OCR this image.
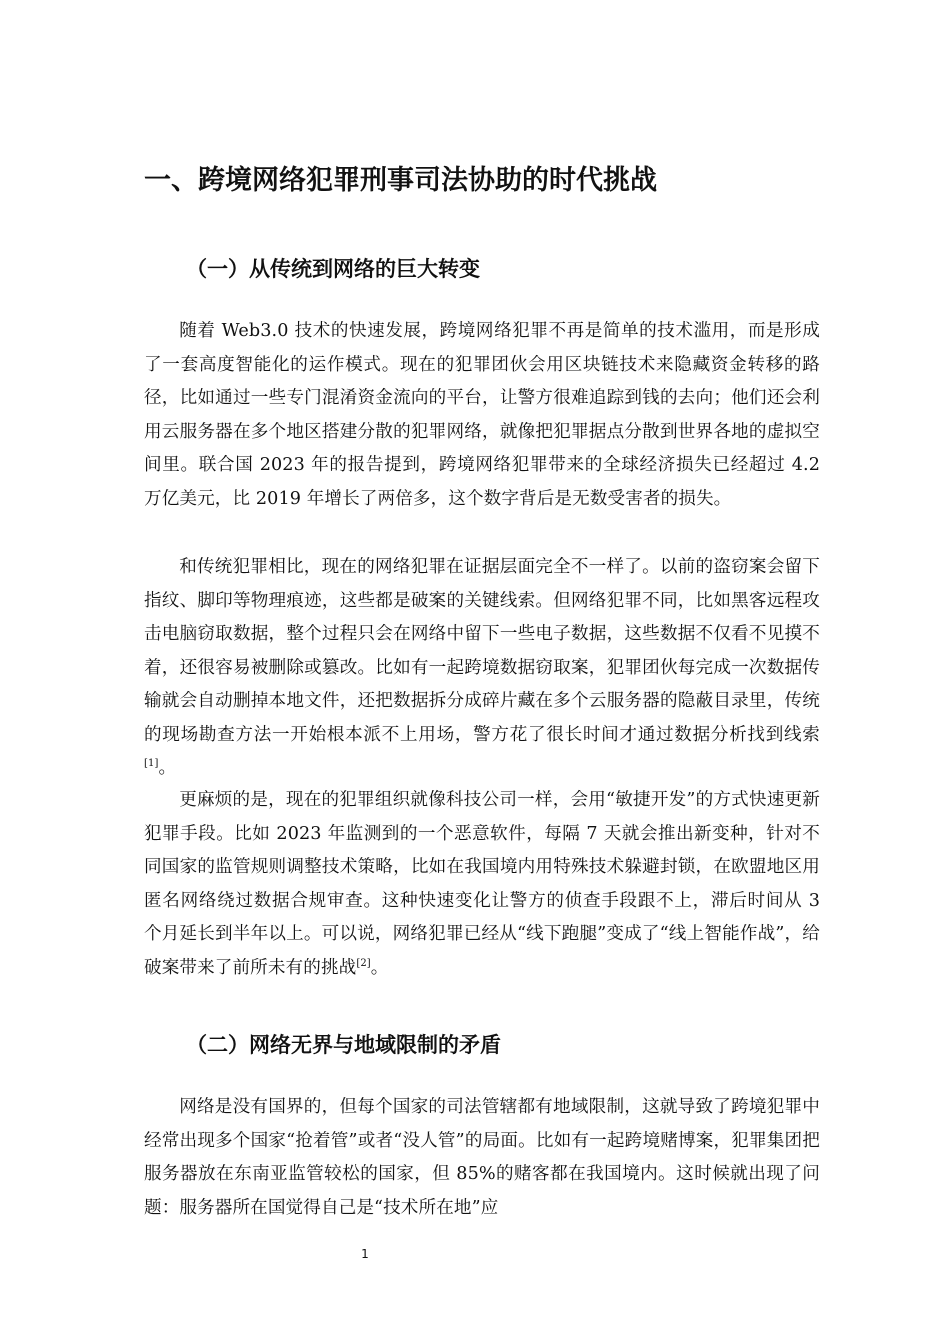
一、跨境网络犯罪刑事司法协助的时代挑战
（一）从传统到网络的巨大转变

随着 Web3.0 技术的快速发展，跨境网络犯罪不再是简单的技术滥用，而是形成了一套高度智能化的运作模式。现在的犯罪团伙会用区块链技术来隐藏资金转移的路径，比如通过一些专门混淆资金流向的平台，让警方很难追踪到钱的去向；他们还会利用云服务器在多个地区搭建分散的犯罪网络，就像把犯罪据点分散到世界各地的虚拟空间里。联合国 2023 年的报告提到，跨境网络犯罪带来的全球经济损失已经超过 4.2 万亿美元，比 2019 年增长了两倍多，这个数字背后是无数受害者的损失。

和传统犯罪相比，现在的网络犯罪在证据层面完全不一样了。以前的盗窃案会留下指纹、脚印等物理痕迹，这些都是破案的关键线索。但网络犯罪不同，比如黑客远程攻击电脑窃取数据，整个过程只会在网络中留下一些电子数据，这些数据不仅看不见摸不着，还很容易被删除或篡改。比如有一起跨境数据窃取案，犯罪团伙每完成一次数据传输就会自动删掉本地文件，还把数据拆分成碎片藏在多个云服务器的隐蔽目录里，传统的现场勘查方法一开始根本派不上用场，警方花了很长时间才通过数据分析找到线索[1]。

更麻烦的是，现在的犯罪组织就像科技公司一样，会用“敏捷开发”的方式快速更新犯罪手段。比如 2023 年监测到的一个恶意软件，每隔 7 天就会推出新变种，针对不同国家的监管规则调整技术策略，比如在我国境内用特殊技术躲避封锁，在欧盟地区用匿名网络绕过数据合规审查。这种快速变化让警方的侦查手段跟不上，滞后时间从 3 个月延长到半年以上。可以说，网络犯罪已经从“线下跑腿”变成了“线上智能作战”，给破案带来了前所未有的挑战[2]。

（二）网络无界与地域限制的矛盾

网络是没有国界的，但每个国家的司法管辖都有地域限制，这就导致了跨境犯罪中经常出现多个国家“抢着管”或者“没人管”的局面。比如有一起跨境赌博案，犯罪集团把服务器放在东南亚监管较松的国家，但 85%的赌客都在我国境内。这时候就出现了问题：服务器所在国觉得自己是“技术所在地”应

1
